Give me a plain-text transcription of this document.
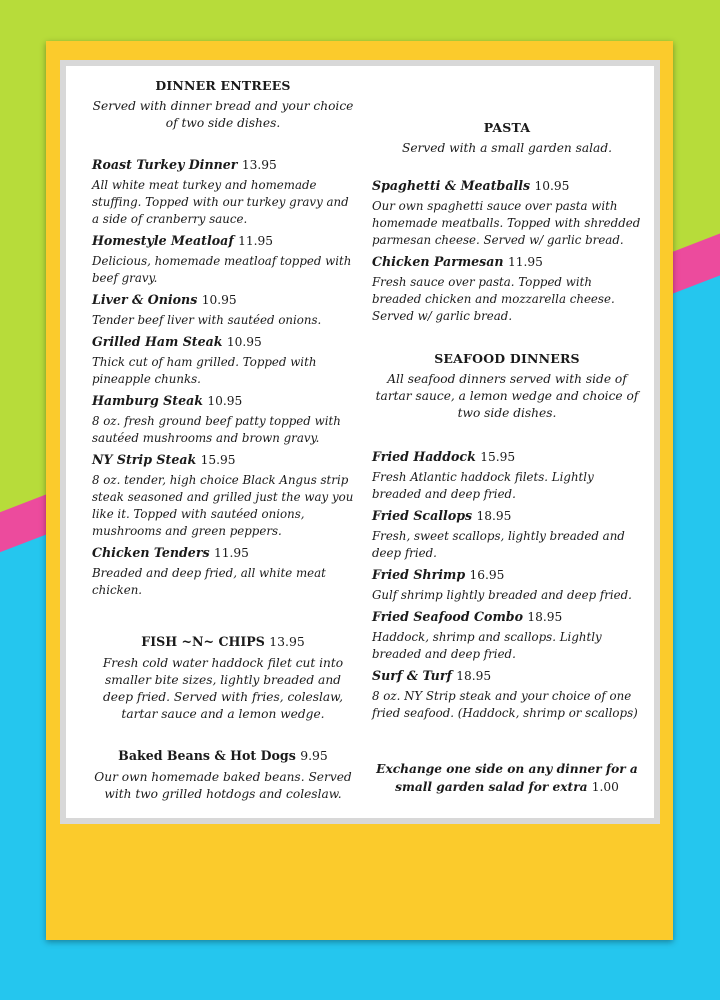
DINNER ENTREES
Served with dinner bread and your choice of two side dishes.
Roast Turkey Dinner 13.95
All white meat turkey and homemade stuffing. Topped with our turkey gravy and a side of cranberry sauce.
Homestyle Meatloaf 11.95
Delicious, homemade meatloaf topped with beef gravy.
Liver & Onions 10.95
Tender beef liver with sautéed onions.
Grilled Ham Steak 10.95
Thick cut of ham grilled. Topped with pineapple chunks.
Hamburg Steak 10.95
8 oz. fresh ground beef patty topped with sautéed mushrooms and brown gravy.
NY Strip Steak 15.95
8 oz. tender, high choice Black Angus strip steak seasoned and grilled just the way you like it. Topped with sautéed onions, mushrooms and green peppers.
Chicken Tenders 11.95
Breaded and deep fried, all white meat chicken.
FISH ~N~ CHIPS 13.95
Fresh cold water haddock filet cut into smaller bite sizes, lightly breaded and deep fried. Served with fries, coleslaw, tartar sauce and a lemon wedge.
Baked Beans & Hot Dogs 9.95
Our own homemade baked beans. Served with two grilled hotdogs and coleslaw.
PASTA
Served with a small garden salad.
Spaghetti & Meatballs 10.95
Our own spaghetti sauce over pasta with homemade meatballs. Topped with shredded parmesan cheese. Served w/ garlic bread.
Chicken Parmesan 11.95
Fresh sauce over pasta. Topped with breaded chicken and mozzarella cheese. Served w/ garlic bread.
SEAFOOD DINNERS
All seafood dinners served with side of tartar sauce, a lemon wedge and choice of two side dishes.
Fried Haddock 15.95
Fresh Atlantic haddock filets. Lightly breaded and deep fried.
Fried Scallops 18.95
Fresh, sweet scallops, lightly breaded and deep fried.
Fried Shrimp 16.95
Gulf shrimp lightly breaded and deep fried.
Fried Seafood Combo 18.95
Haddock, shrimp and scallops. Lightly breaded and deep fried.
Surf & Turf 18.95
8 oz. NY Strip steak and your choice of one fried seafood. (Haddock, shrimp or scallops)
Exchange one side on any dinner for a small garden salad for extra 1.00
